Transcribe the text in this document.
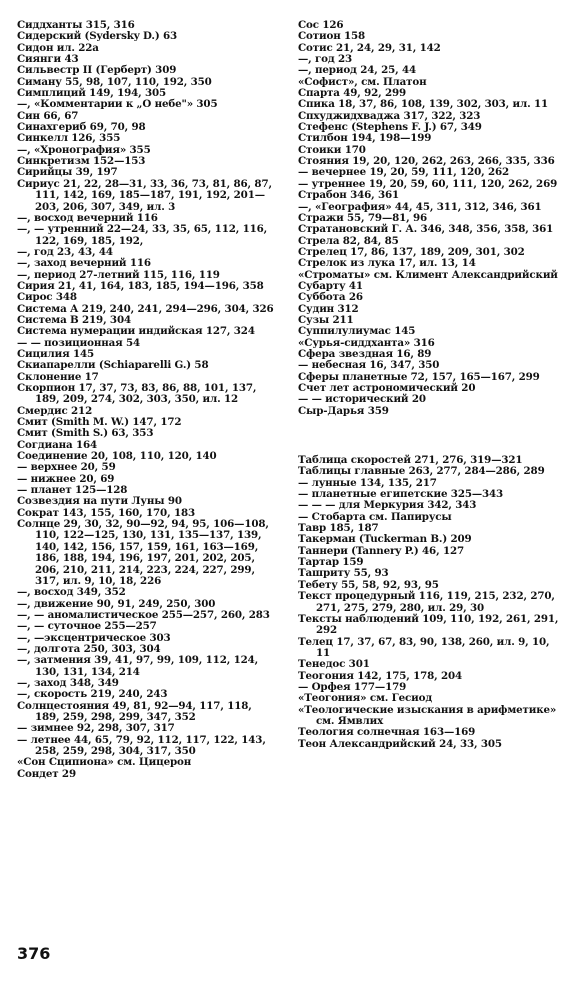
Сиддханты 315, 316
Сидерский (Sydersky D.) 63
Сидон ил. 22а
Сиянги 43
Сильвестр II (Герберт) 309
Симану 55, 98, 107, 110, 192, 350
Симплиций 149, 194, 305
—, «Комментарии к „О небе"» 305
Син 66, 67
Синахгериб 69, 70, 98
Синкелл 126, 355
—, «Хронография» 355
Синкретизм 152—153
Сирийцы 39, 197
Сириус 21, 22, 28—31, 33, 36, 73, 81, 86, 87, 111, 142, 169, 185—187, 191, 192, 201—203, 206, 307, 349, ил. 3
—, восход вечерний 116
—, — утренний 22—24, 33, 35, 65, 112, 116, 122, 169, 185, 192,
—, год 23, 43, 44
—, заход вечерний 116
—, период 27-летний 115, 116, 119
Сирия 21, 41, 164, 183, 185, 194—196, 358
Сирос 348
Система А 219, 240, 241, 294—296, 304, 326
Система В 219, 304
Система нумерации индийская 127, 324
— — позиционная 54
Сицилия 145
Скиапарелли (Schiaparelli G.) 58
Склонение 17
Скорпион 17, 37, 73, 83, 86, 88, 101, 137, 189, 209, 274, 302, 303, 350, ил. 12
Смердис 212
Смит (Smith M. W.) 147, 172
Смит (Smith S.) 63, 353
Согдиана 164
Соединение 20, 108, 110, 120, 140
— верхнее 20, 59
— нижнее 20, 69
— планет 125—128
Созвездия на пути Луны 90
Сократ 143, 155, 160, 170, 183
Солнце 29, 30, 32, 90—92, 94, 95, 106—108, 110, 122—125, 130, 131, 135—137, 139, 140, 142, 156, 157, 159, 161, 163—169, 186, 188, 194, 196, 197, 201, 202, 205, 206, 210, 211, 214, 223, 224, 227, 299, 317, ил. 9, 10, 18, 226
—, восход 349, 352
—, движение 90, 91, 249, 250, 300
—, — аномалистическое 255—257, 260, 283
—, — суточное 255—257
—, —эксцентрическое 303
—, долгота 250, 303, 304
—, затмения 39, 41, 97, 99, 109, 112, 124, 130, 131, 134, 214
—, заход 348, 349
—, скорость 219, 240, 243
Солнцестояния 49, 81, 92—94, 117, 118, 189, 259, 298, 299, 347, 352
— зимнее 92, 298, 307, 317
— летнее 44, 65, 79, 92, 112, 117, 122, 143, 258, 259, 298, 304, 317, 350
«Сон Сципиона» см. Цицерон
Сондет 29
Сос 126
Сотион 158
Сотис 21, 24, 29, 31, 142
—, год 23
—, период 24, 25, 44
«Софист», см. Платон
Спарта 49, 92, 299
Спика 18, 37, 86, 108, 139, 302, 303, ил. 11
Спхуджидхваджа 317, 322, 323
Стефенс (Stephens F. J.) 67, 349
Стилбон 194, 198—199
Стоики 170
Стояния 19, 20, 120, 262, 263, 266, 335, 336
— вечернее 19, 20, 59, 111, 120, 262
— утреннее 19, 20, 59, 60, 111, 120, 262, 269
Страбон 346, 361
—, «География» 44, 45, 311, 312, 346, 361
Стражи 55, 79—81, 96
Стратановский Г. А. 346, 348, 356, 358, 361
Стрела 82, 84, 85
Стрелец 17, 86, 137, 189, 209, 301, 302
Стрелок из лука 17, ил. 13, 14
«Строматы» см. Климент Александрийский
Субарту 41
Суббота 26
Судин 312
Сузы 211
Суппилулиумас 145
«Сурья-сиддханта» 316
Сфера звездная 16, 89
— небесная 16, 347, 350
Сферы планетные 72, 157, 165—167, 299
Счет лет астрономический 20
— — исторический 20
Сыр-Дарья 359
Таблица скоростей 271, 276, 319—321
Таблицы главные 263, 277, 284—286, 289
— лунные 134, 135, 217
— планетные египетские 325—343
— — — для Меркурия 342, 343
— Стобарта см. Папирусы
Тавр 185, 187
Такерман (Tuckerman B.) 209
Таннери (Tannery P.) 46, 127
Тартар 159
Ташриту 55, 93
Тебету 55, 58, 92, 93, 95
Текст процедурный 116, 119, 215, 232, 270, 271, 275, 279, 280, ил. 29, 30
Тексты наблюдений 109, 110, 192, 261, 291, 292
Телец 17, 37, 67, 83, 90, 138, 260, ил. 9, 10, 11
Тенедос 301
Теогония 142, 175, 178, 204
— Орфея 177—179
«Теогония» см. Гесиод
«Теологические изыскания в арифметике» см. Ямвлих
Теология солнечная 163—169
Теон Александрийский 24, 33, 305
376
